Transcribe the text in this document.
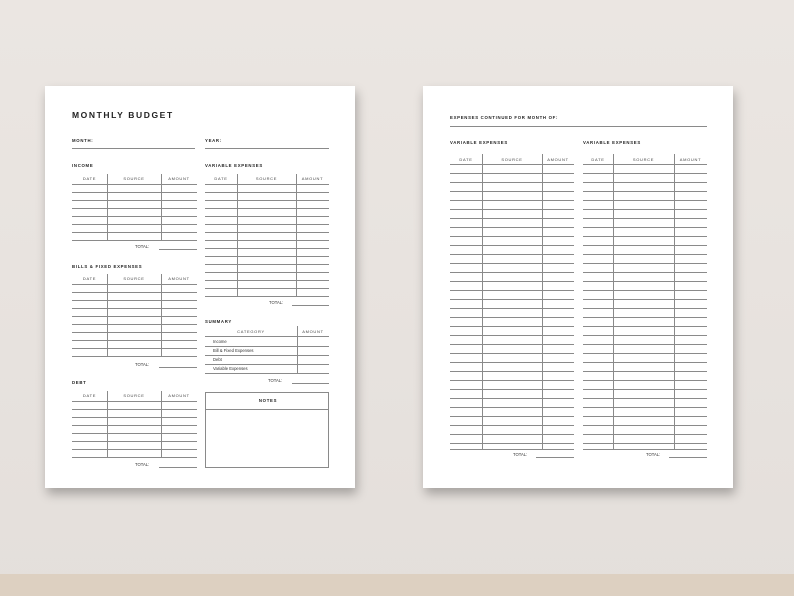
MONTHLY BUDGET
MONTH:	YEAR:
INCOME
DATE	SOURCE	AMOUNT
TOTAL:
BILLS & FIXED EXPENSES
DATE	SOURCE	AMOUNT
TOTAL:
DEBT
DATE	SOURCE	AMOUNT
TOTAL:
VARIABLE EXPENSES
DATE	SOURCE	AMOUNT
TOTAL:
SUMMARY
CATEGORY	AMOUNT
Income
Bill & Fixed Expenses
Debt
Variable Expenses
TOTAL:
NOTES
EXPENSES CONTINUED FOR MONTH OF:
VARIABLE EXPENSES
DATE	SOURCE	AMOUNT
TOTAL:
VARIABLE EXPENSES
DATE	SOURCE	AMOUNT
TOTAL:
